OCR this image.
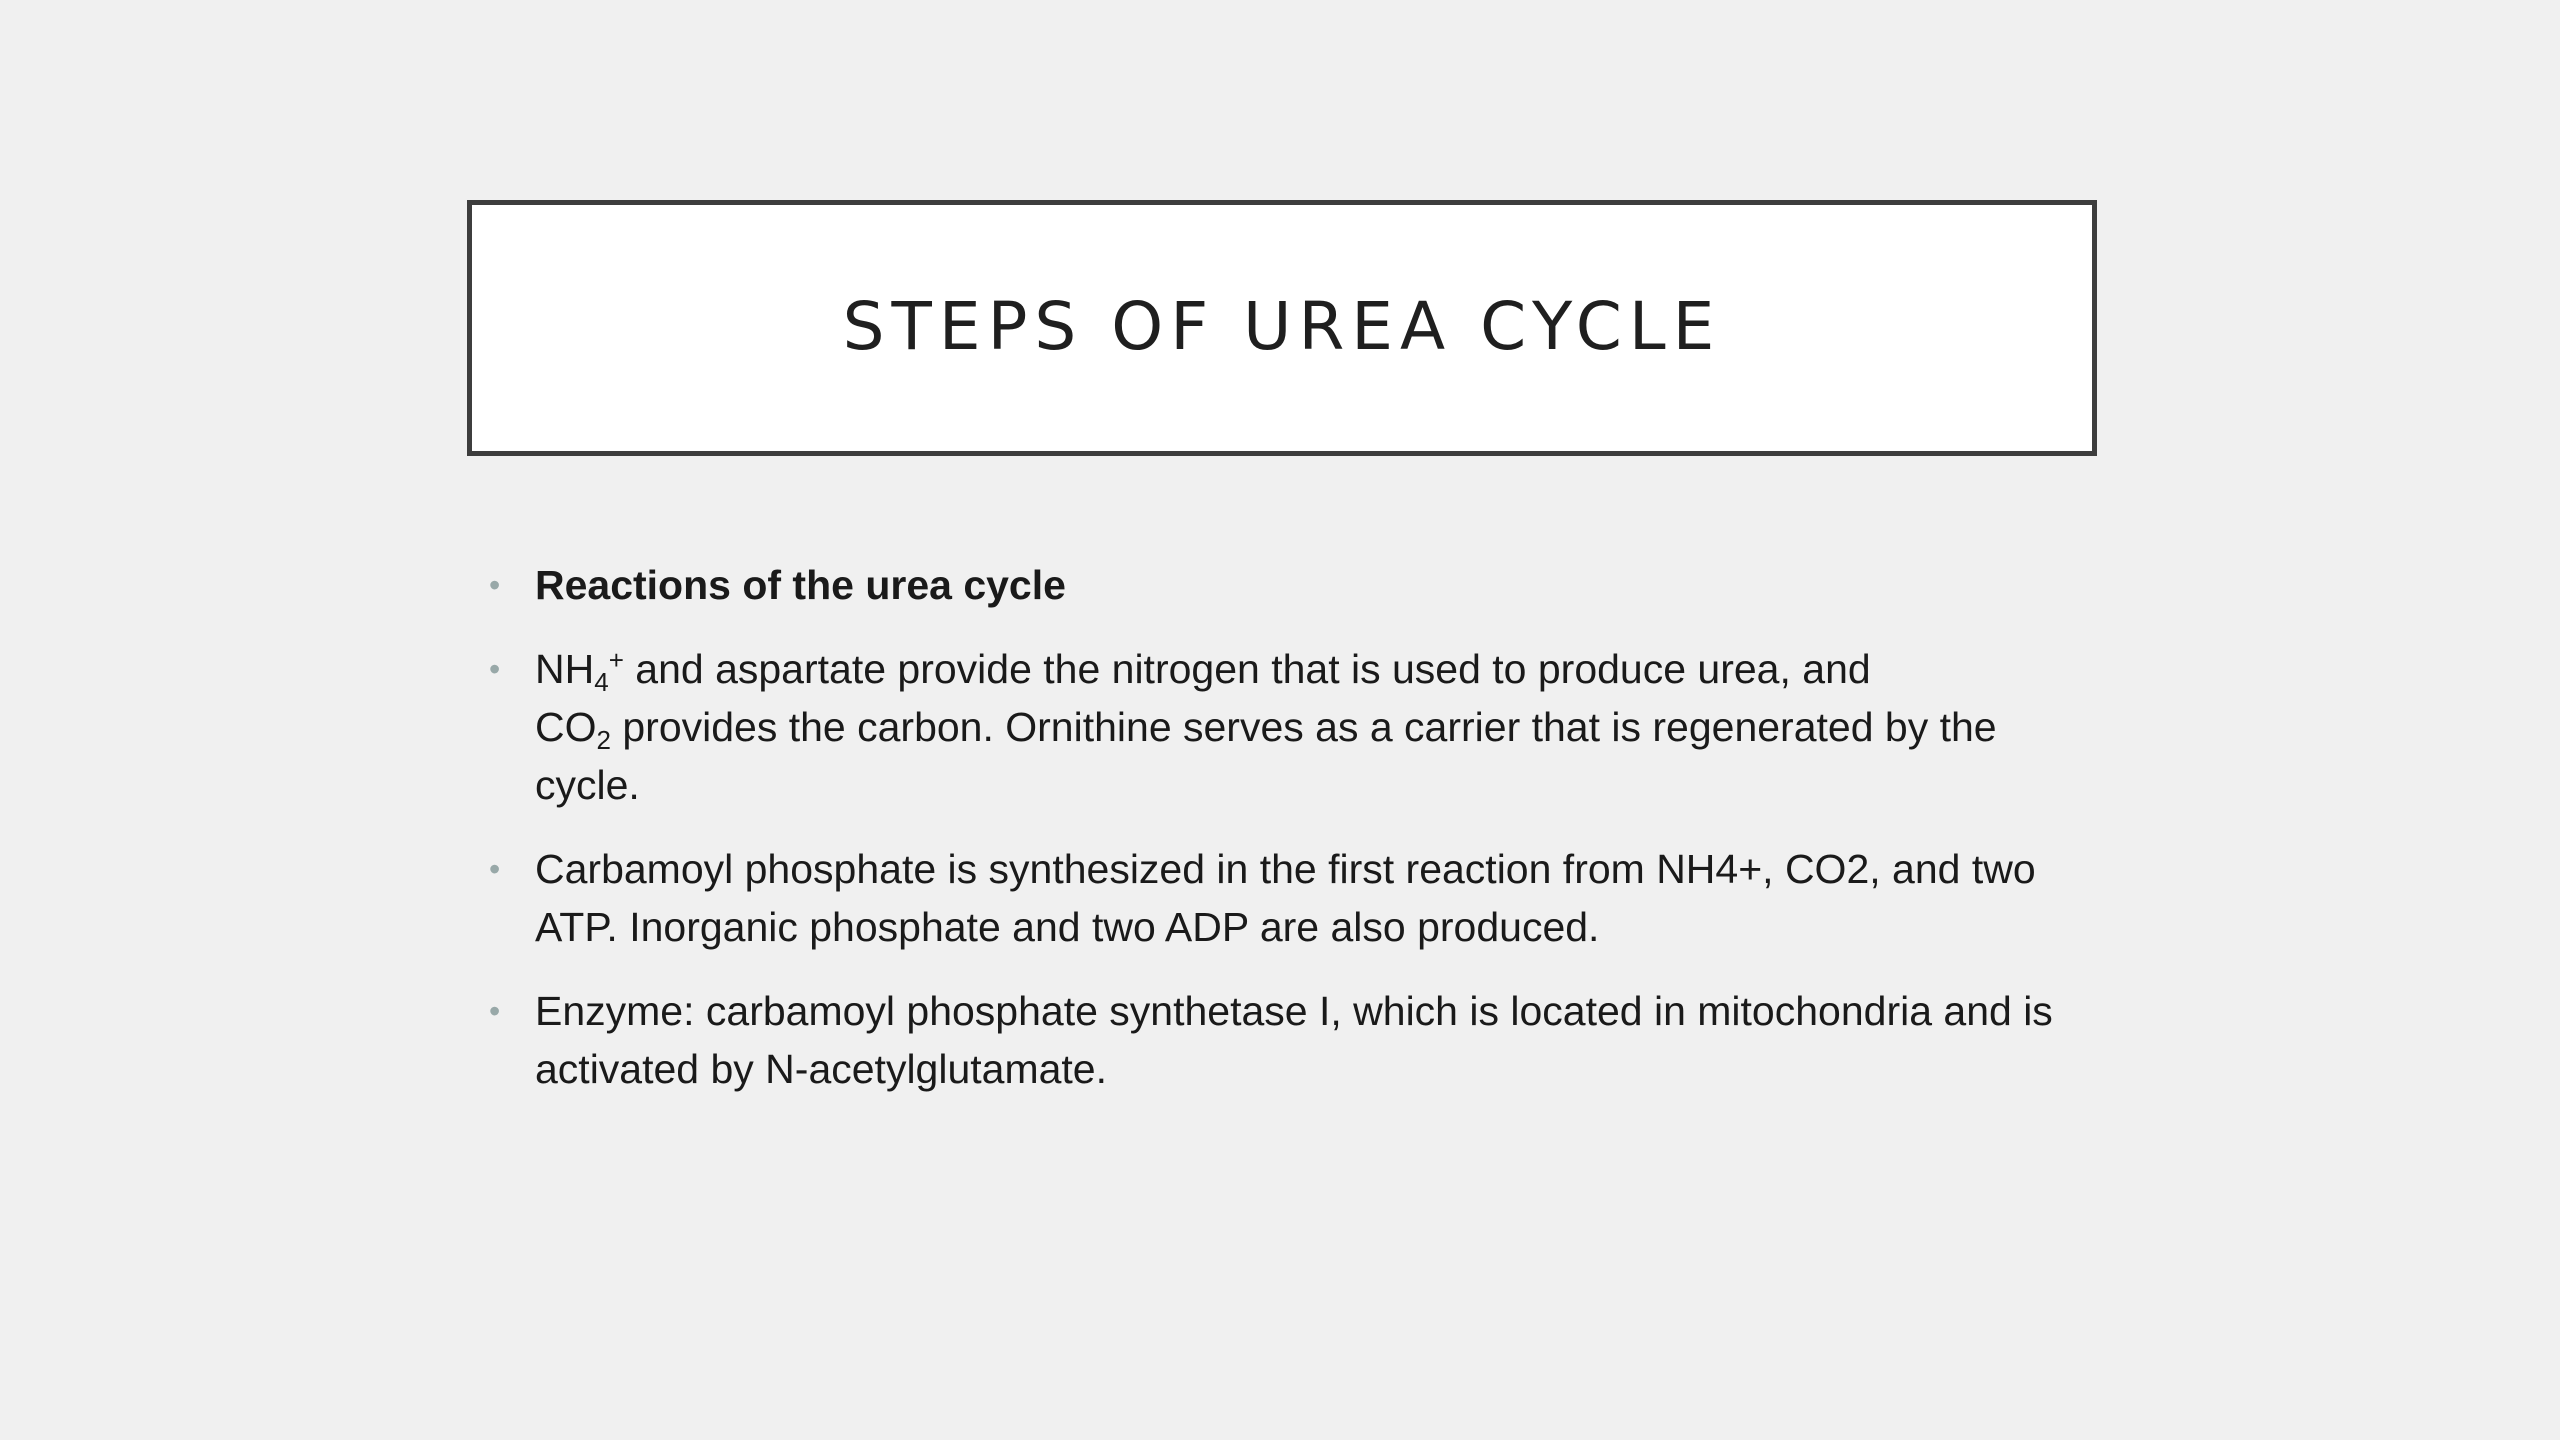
STEPS OF UREA CYCLE
• Reactions of the urea cycle
• $NH_4^+$ and aspartate provide the nitrogen that is used to produce urea, and
$CO_2$ provides the carbon. Ornithine serves as a carrier that is regenerated by the cycle.
• Carbamoyl phosphate is synthesized in the first reaction from NH4+, CO2, and two ATP. Inorganic phosphate and two ADP are also produced.
• Enzyme: carbamoyl phosphate synthetase I, which is located in mitochondria and is activated by N-acetylglutamate.
